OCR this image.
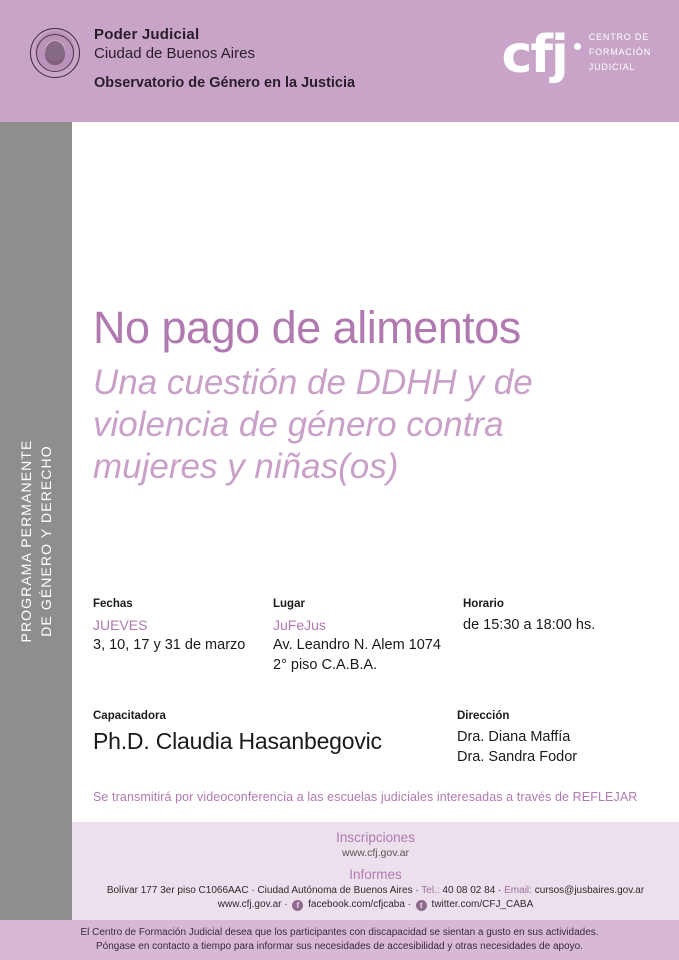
Poder Judicial
Ciudad de Buenos Aires
Observatorio de Género en la Justicia	cfj CENTRO DE
FORMACIÓN
JUDICIAL
PROGRAMA PERMANENTE DE GÉNERO Y DERECHO
No pago de alimentos
Una cuestión de DDHH y de
violencia de género contra
mujeres y niñas(os)
Fechas
JUEVES
3, 10, 17 y 31 de marzo
Lugar
JuFeJus
Av. Leandro N. Alem 1074
2° piso C.A.B.A.
Horario
de 15:30 a 18:00 hs.
Capacitadora
Ph.D. Claudia Hasanbegovic
Dirección
Dra. Diana Maffía
Dra. Sandra Fodor
Se transmitirá por videoconferencia a las escuelas judiciales interesadas a través de REFLEJAR
Inscripciones
www.cfj.gov.ar
Informes
Bolívar 177 3er piso C1066AAC · Ciudad Autónoma de Buenos Aires · Tel.: 40 08 02 84 · Email: cursos@jusbaires.gov.ar
www.cfj.gov.ar · f facebook.com/cfjcaba · t twitter.com/CFJ_CABA
El Centro de Formación Judicial desea que los participantes con discapacidad se sientan a gusto en sus actividades.
Póngase en contacto a tiempo para informar sus necesidades de accesibilidad y otras necesidades de apoyo.
